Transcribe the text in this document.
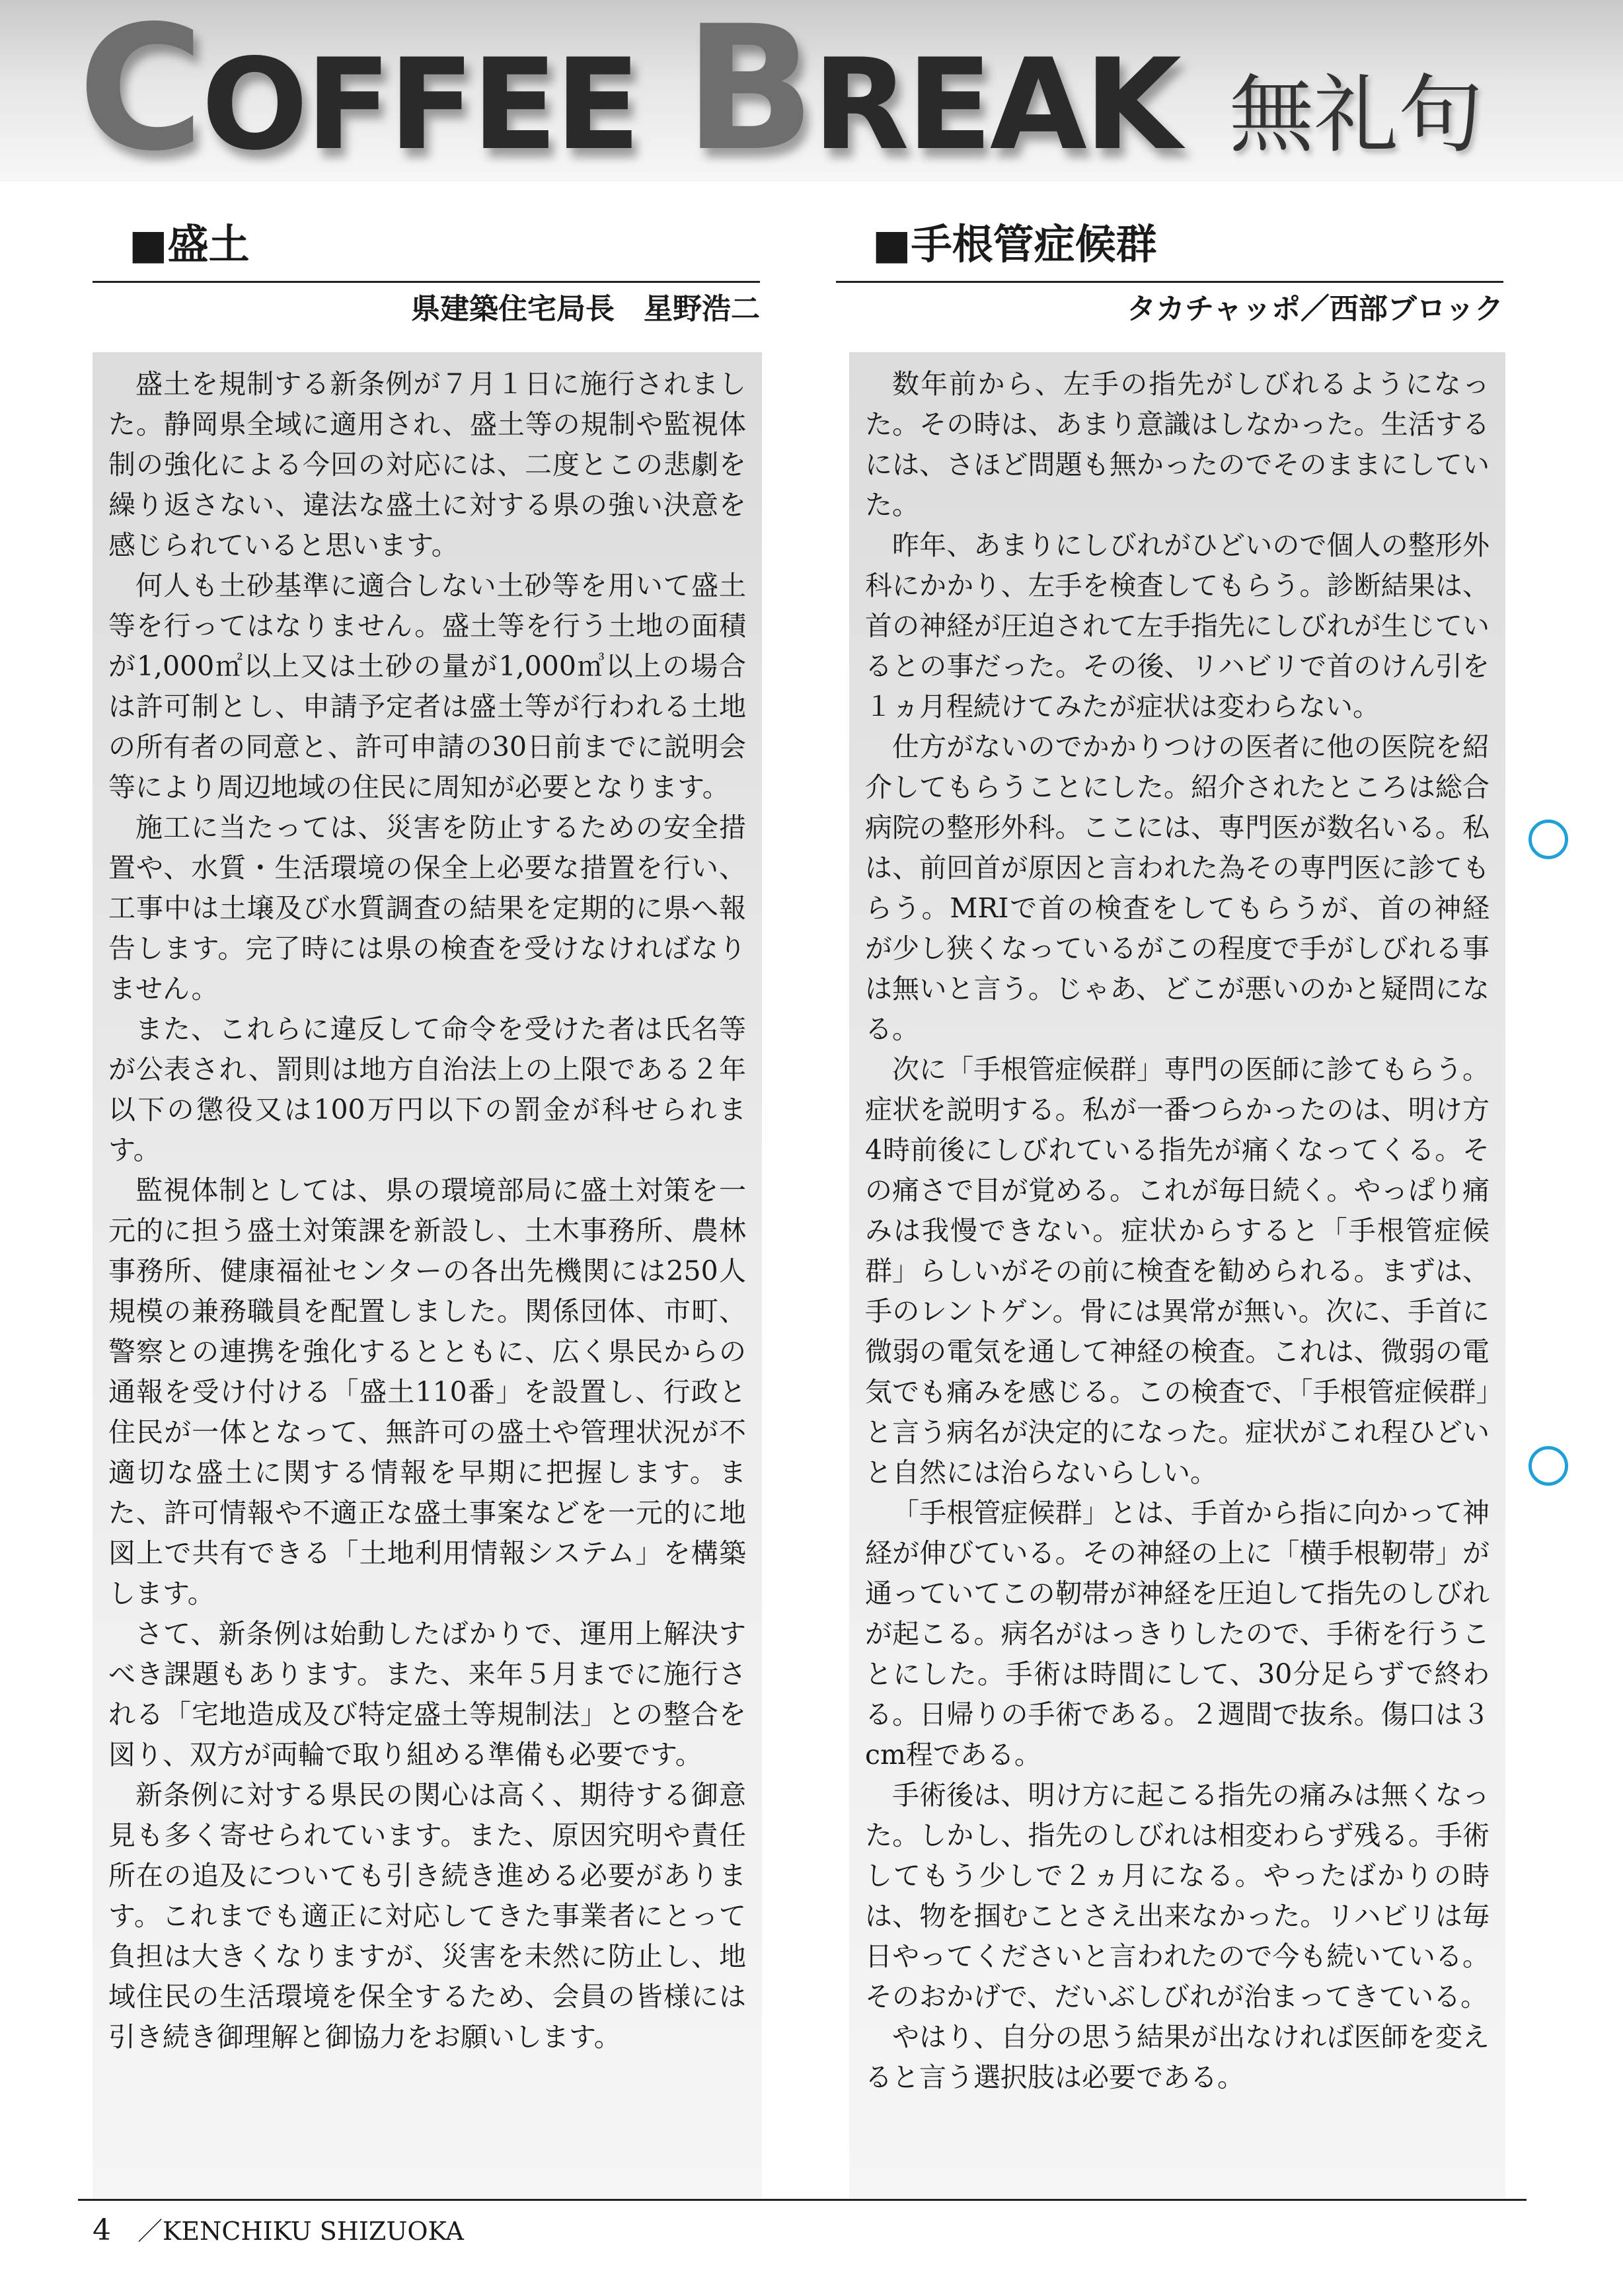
COFFEE BREAK 無礼句
■盛土
県建築住宅局長　星野浩二

盛土を規制する新条例が７月１日に施行されました。静岡県全域に適用され、盛土等の規制や監視体制の強化による今回の対応には、二度とこの悲劇を繰り返さない、違法な盛土に対する県の強い決意を感じられていると思います。

何人も土砂基準に適合しない土砂等を用いて盛土等を行ってはなりません。盛土等を行う土地の面積が1,000㎡以上又は土砂の量が1,000㎥以上の場合は許可制とし、申請予定者は盛土等が行われる土地の所有者の同意と、許可申請の30日前までに説明会等により周辺地域の住民に周知が必要となります。

施工に当たっては、災害を防止するための安全措置や、水質・生活環境の保全上必要な措置を行い、工事中は土壌及び水質調査の結果を定期的に県へ報告します。完了時には県の検査を受けなければなりません。

また、これらに違反して命令を受けた者は氏名等が公表され、罰則は地方自治法上の上限である２年以下の懲役又は100万円以下の罰金が科せられます。

監視体制としては、県の環境部局に盛土対策を一元的に担う盛土対策課を新設し、土木事務所、農林事務所、健康福祉センターの各出先機関には250人規模の兼務職員を配置しました。関係団体、市町、警察との連携を強化するとともに、広く県民からの通報を受け付ける「盛土110番」を設置し、行政と住民が一体となって、無許可の盛土や管理状況が不適切な盛土に関する情報を早期に把握します。また、許可情報や不適正な盛土事案などを一元的に地図上で共有できる「土地利用情報システム」を構築します。

さて、新条例は始動したばかりで、運用上解決すべき課題もあります。また、来年５月までに施行される「宅地造成及び特定盛土等規制法」との整合を図り、双方が両輪で取り組める準備も必要です。

新条例に対する県民の関心は高く、期待する御意見も多く寄せられています。また、原因究明や責任所在の追及についても引き続き進める必要があります。これまでも適正に対応してきた事業者にとって負担は大きくなりますが、災害を未然に防止し、地域住民の生活環境を保全するため、会員の皆様には引き続き御理解と御協力をお願いします。

■手根管症候群
タカチャッポ／西部ブロック

数年前から、左手の指先がしびれるようになった。その時は、あまり意識はしなかった。生活するには、さほど問題も無かったのでそのままにしていた。

昨年、あまりにしびれがひどいので個人の整形外科にかかり、左手を検査してもらう。診断結果は、首の神経が圧迫されて左手指先にしびれが生じているとの事だった。その後、リハビリで首のけん引を１ヵ月程続けてみたが症状は変わらない。

仕方がないのでかかりつけの医者に他の医院を紹介してもらうことにした。紹介されたところは総合病院の整形外科。ここには、専門医が数名いる。私は、前回首が原因と言われた為その専門医に診てもらう。MRIで首の検査をしてもらうが、首の神経が少し狭くなっているがこの程度で手がしびれる事は無いと言う。じゃあ、どこが悪いのかと疑問になる。

次に「手根管症候群」専門の医師に診てもらう。症状を説明する。私が一番つらかったのは、明け方4時前後にしびれている指先が痛くなってくる。その痛さで目が覚める。これが毎日続く。やっぱり痛みは我慢できない。症状からすると「手根管症候群」らしいがその前に検査を勧められる。まずは、手のレントゲン。骨には異常が無い。次に、手首に微弱の電気を通して神経の検査。これは、微弱の電気でも痛みを感じる。この検査で、「手根管症候群」と言う病名が決定的になった。症状がこれ程ひどいと自然には治らないらしい。

「手根管症候群」とは、手首から指に向かって神経が伸びている。その神経の上に「横手根靭帯」が通っていてこの靭帯が神経を圧迫して指先のしびれが起こる。病名がはっきりしたので、手術を行うことにした。手術は時間にして、30分足らずで終わる。日帰りの手術である。２週間で抜糸。傷口は３cm程である。

手術後は、明け方に起こる指先の痛みは無くなった。しかし、指先のしびれは相変わらず残る。手術してもう少しで２ヵ月になる。やったばかりの時は、物を掴むことさえ出来なかった。リハビリは毎日やってくださいと言われたので今も続いている。そのおかげで、だいぶしびれが治まってきている。

やはり、自分の思う結果が出なければ医師を変えると言う選択肢は必要である。

4 ／KENCHIKU SHIZUOKA
